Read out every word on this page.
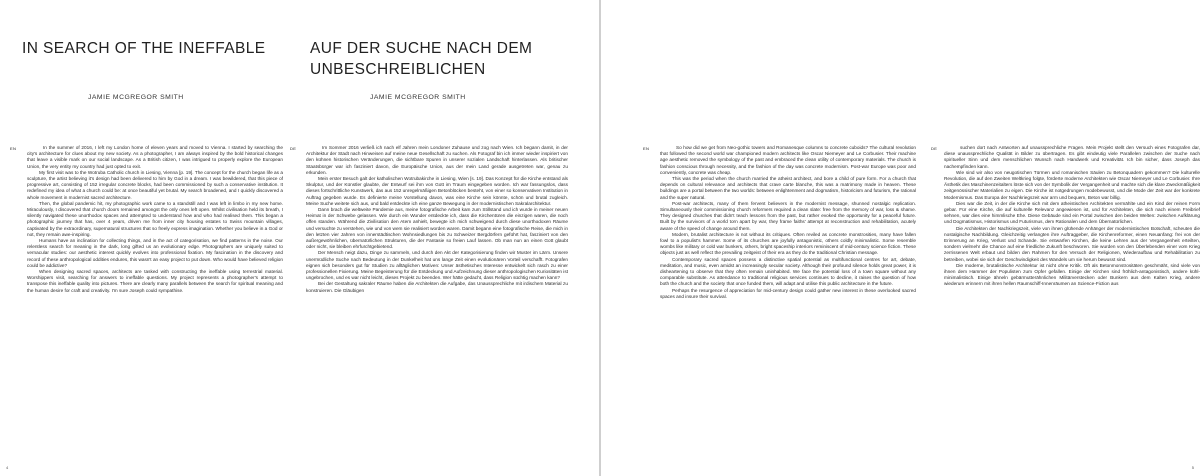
IN SEARCH OF THE INEFFABLE	AUF DER SUCHE NACH DEM UNBESCHREIBLICHEN
JAMIE MCGREGOR SMITH	JAMIE MCGREGOR SMITH
EN	In the summer of 2016, I left my London home of eleven years and moved to Vienna. I started by searching the city's architecture for clues about my new society. As a photographer, I am always inspired by the bold historical changes that leave a visible mark on our social landscape. As a British citizen, I was intrigued to properly explore the European Union, the very entity my country had just opted to exit.

My first visit was to the Wotruba Catholic church in Liesing, Vienna [p. 19]. The concept for the church began life as a sculpture, the artist believing it's design had been delivered to him by God in a dream. I was bewildered, that this piece of progressive art, consisting of 152 irregular concrete blocks, had been commissioned by such a conservative institution. It redefined my idea of what a church could be: at once beautiful yet brutal. My search broadened, and I quickly discovered a whole movement in modernist sacred architecture.

Then, the global pandemic hit, my photographic work came to a standstill and I was left in limbo in my new home. Miraculously, I discovered that church doors remained amongst the only ones left open. Whilst civilisation held its breath, I silently navigated these unorthodox spaces and attempted to understand how and who had realised them. This began a photographic journey that has, over 4 years, driven me from inner city housing estates to Swiss mountain villages, captivated by the extraordinary, supernatural structures that so freely express imagination. Whether you believe in a God or not, they remain awe-inspiring.

Humans have an inclination for collecting things, and in the act of categorisation, we find patterns in the noise. Our relentless search for meaning in the dark, long gifted us an evolutionary edge. Photographers are uniquely suited to vernacular studies: our aesthetic interest quickly evolves into professional fixation. My fascination in the discovery and record of these anthropological oddities endures, this wasn't an easy project to put down. Who would have believed religion could be addictive?

When designing sacred spaces, architects are tasked with constructing the ineffable using terrestrial material. Worshippers visit, searching for answers to ineffable questions. My project represents a photographer's attempt to transpose this ineffable quality into pictures. There are clearly many parallels between the search for spiritual meaning and the human desire for craft and creativity. I'm sure Joseph could sympathise.

DE	Im Sommer 2016 verließ ich nach elf Jahren mein Londoner Zuhause und zog nach Wien. Ich begann damit, in der Architektur der Stadt nach Hinweisen auf meine neue Gesellschaft zu suchen. Als Fotograf bin ich immer wieder inspiriert von den kühnen historischen Veränderungen, die sichtbare Spuren in unserer sozialen Landschaft hinterlassen. Als britischer Staatsbürger war ich fasziniert davon, die Europäische Union, aus der mein Land gerade ausgetreten war, genau zu erkunden.

Mein erster Besuch galt der katholischen Wotrubakirche in Liesing, Wien [s. 19]. Das Konzept für die Kirche entstand als Skulptur, und der Künstler glaubte, der Entwurf sei ihm von Gott im Traum eingegeben worden. Ich war fassungslos, dass dieses fortschrittliche Kunstwerk, das aus 152 unregelmäßigen Betonblöcken besteht, von einer so konservativen Institution in Auftrag gegeben wurde. Es definierte meine Vorstellung davon, was eine Kirche sein könnte, schön und brutal zugleich. Meine Suche weitete sich aus, und bald entdeckte ich eine ganze Bewegung in der modernistischen Sakralarchitektur.

Dann brach die weltweite Pandemie aus, meine fotografische Arbeit kam zum Stillstand und ich wurde in meiner neuen Heimat in der Schwebe gelassen. Wie durch ein Wunder entdeckte ich, dass die Kirchentüren die einzigen waren, die noch offen standen. Während die Zivilisation den Atem anhielt, bewegte ich mich schweigend durch diese unorthodoxen Räume und versuchte zu verstehen, wie und von wem sie realisiert worden waren. Damit begann eine fotografische Reise, die mich in den letzten vier Jahren von innerstädtischen Wohnsiedlungen bis zu Schweizer Bergdörfern geführt hat, fasziniert von den außergewöhnlichen, übernatürlichen Strukturen, die der Fantasie so freien Lauf lassen. Ob man nun an einen Gott glaubt oder nicht, sie bleiben ehrfurchtgebietend.

Der Mensch neigt dazu, Dinge zu sammeln, und durch den Akt der Kategorisierung finden wir Muster im Lärm. Unsere unermüdliche Suche nach Bedeutung in der Dunkelheit hat uns lange Zeit einen evolutionären Vorteil verschafft. Fotografen eignen sich besonders gut für Studien zu alltäglichen Motiven: Unser ästhetisches Interesse entwickelt sich rasch zu einer professionellen Fixierung. Meine Begeisterung für die Entdeckung und Aufzeichnung dieser anthropologischen Kuriositäten ist ungebrochen, und es war nicht leicht, dieses Projekt zu beenden. Wer hätte gedacht, dass Religion süchtig machen kann?

Bei der Gestaltung sakraler Räume haben die Architekten die Aufgabe, das Unaussprechliche mit irdischem Material zu konstruieren. Die Gläubigen

4
EN	So how did we get from Neo-gothic towers and Romanesque columns to concrete cuboids? The cultural revolution that followed the second world war championed modern architects like Oscar Niemeyer and Le Corbusier. Their machine age aesthetic removed the symbology of the past and embraced the clean utility of contemporary materials. The church is fashion conscious through necessity, and the fashion of the day was concrete modernism. Post-war Europe was poor and conveniently, concrete was cheap.

This was the period when the church married the atheist architect, and bore a child of pure form. For a church that depends on cultural relevance and architects that crave carte blanche, this was a matrimony made in heaven. These buildings are a portal between the two worlds: between enlightenment and dogmatism, historicism and futurism, the rational and the super natural.

Post-war architects, many of them fervent believers in the modernist message, shunned nostalgic replication. Simultaneously their commissioning church reformers required a clean slate: free from the memory of war, loss & shame. They designed churches that didn't teach lessons from the past, but rather evoked the opportunity for a peaceful future. Built by the survivors of a world torn apart by war, they frame faiths' attempt at reconstruction and rehabilitation, acutely aware of the speed of change around them.

Modern, brutalist architecture is not without its critiques. Often reviled as concrete monstrosities, many have fallen fowl to a populist's hammer. Some of its churches are joyfully antagonistic, others coldly minimalistic. Some resemble wombs like military or cold war bunkers, others, bright spaceship interiors reminiscent of mid-century science fiction. These objects just as well reflect the prevailing zeitgeist of their era as they do the traditional Christian message.

Contemporary sacred spaces possess a distinctive spatial potential as multifunctional centres for art, debate, meditation, and music, even amidst an increasingly secular society. Although their profound silence holds great power, it is disheartening to observe that they often remain uninhabited. We face the potential loss of a town square without any comparable substitute. As attendance to traditional religious services continues to decline, it raises the question of how both the church and the society that once funded them, will adapt and utilise this public architecture in the future.

Perhaps the resurgence of appreciation for mid-century design could gather new interest in these overlooked sacred spaces and insure their survival.

DE	suchen dort nach Antworten auf unaussprechliche Fragen. Mein Projekt stellt den Versuch eines Fotografen dar, diese unaussprechliche Qualität in Bilder zu übertragen. Es gibt eindeutig viele Parallelen zwischen der Suche nach spiritueller Sinn und dem menschlichen Wunsch nach Handwerk und Kreativität. Ich bin sicher, dass Joseph das nachempfinden kann.

Wie sind wir also von neugotischen Türmen und romanischen Säulen zu Betonquadern gekommen? Die kulturelle Revolution, die auf den Zweiten Weltkrieg folgte, förderte moderne Architekten wie Oscar Niemeyer und Le Corbusier. Ihre Ästhetik des Maschinenzeitalters löste sich von der Symbolik der Vergangenheit und machte sich die klare Zweckmäßigkeit zeitgenössischer Materialien zu eigen. Die Kirche ist notgedrungen modebewusst, und die Mode der Zeit war der konkrete Modernismus. Das Europa der Nachkriegszeit war arm und bequem, Beton war billig.

Dies war die Zeit, in der die Kirche sich mit dem atheistischen Architekten vermählte und ein Kind der reinen Form gebar. Für eine Kirche, die auf kulturelle Relevanz angewiesen ist, und für Architekten, die sich nach einem Freibrief sehnen, war dies eine himmlische Ehe. Diese Gebäude sind ein Portal zwischen den beiden Welten: zwischen Aufklärung und Dogmatismus, Historismus und Futurismus, dem Rationalen und dem Übernatürlichen.

Die Architekten der Nachkriegszeit, viele von ihnen glühende Anhänger der modernistischen Botschaft, scheuten die nostalgische Nachbildung. Gleichzeitig verlangten ihre Auftraggeber, die Kirchenreformer, einen Neuanfang: frei von der Erinnerung an Krieg, Verlust und Schande. Sie entwarfen Kirchen, die keine Lehren aus der Vergangenheit erteilten, sondern vielmehr die Chance auf eine friedliche Zukunft beschworen. Sie wurden von den Überlebenden einer vom Krieg zerrissenen Welt erbaut und bilden den Rahmen für den Versuch der Religionen, Wiederaufbau und Rehabilitation zu betreiben, wobei sie sich der Geschwindigkeit des Wandels um sie herum bewusst sind.

Die moderne, brutalistische Architektur ist nicht ohne Kritik. Oft als Betonmonstrositäten geschmäht, sind viele von ihnen dem Hammer der Populisten zum Opfer gefallen. Einige der Kirchen sind fröhlich-antagonistisch, andere kühl-minimalistisch. Einige ähneln gebärmutterähnlichen Militärverstecken oder Bunkern aus dem Kalten Krieg, andere wiederum erinnern mit ihren hellen Raumschiff-Innenräumen an Science-Fiction aus

5
